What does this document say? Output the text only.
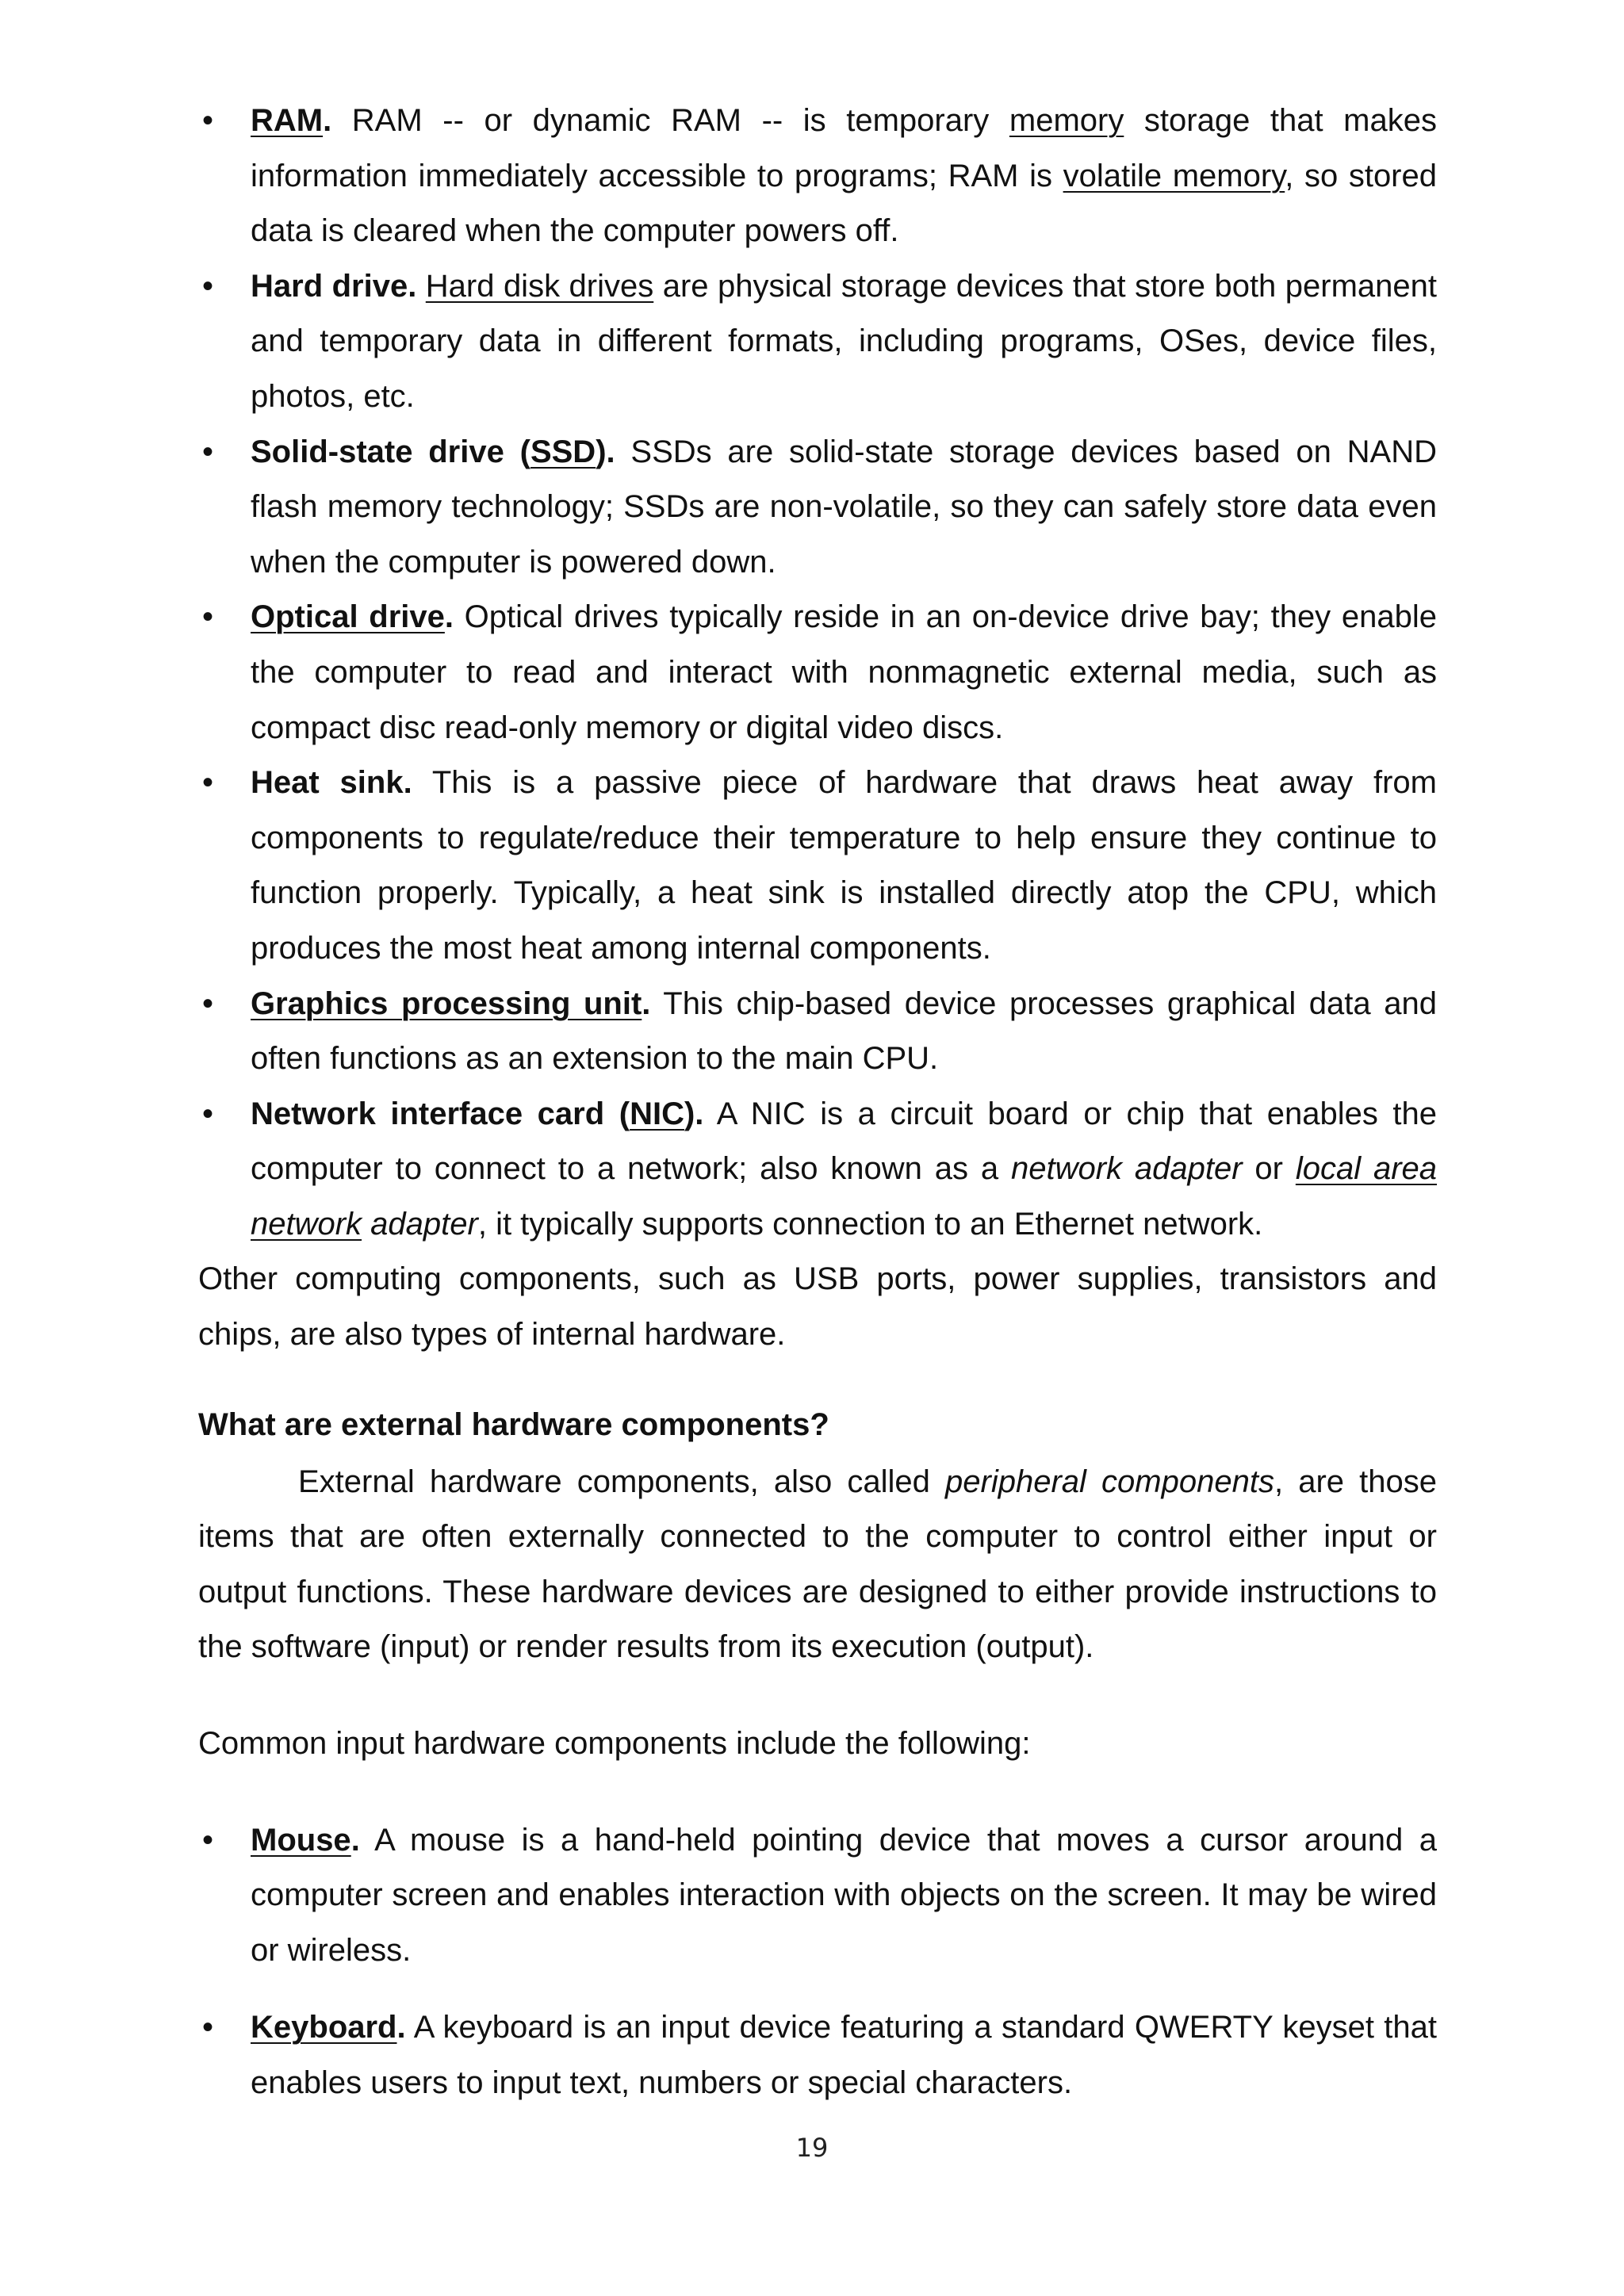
• RAM. RAM -- or dynamic RAM -- is temporary memory storage that makes information immediately accessible to programs; RAM is volatile memory, so stored data is cleared when the computer powers off.
• Hard drive. Hard disk drives are physical storage devices that store both permanent and temporary data in different formats, including programs, OSes, device files, photos, etc.
• Solid-state drive (SSD). SSDs are solid-state storage devices based on NAND flash memory technology; SSDs are non-volatile, so they can safely store data even when the computer is powered down.
• Optical drive. Optical drives typically reside in an on-device drive bay; they enable the computer to read and interact with nonmagnetic external media, such as compact disc read-only memory or digital video discs.
• Heat sink. This is a passive piece of hardware that draws heat away from components to regulate/reduce their temperature to help ensure they continue to function properly. Typically, a heat sink is installed directly atop the CPU, which produces the most heat among internal components.
• Graphics processing unit. This chip-based device processes graphical data and often functions as an extension to the main CPU.
• Network interface card (NIC). A NIC is a circuit board or chip that enables the computer to connect to a network; also known as a network adapter or local area network adapter, it typically supports connection to an Ethernet network.

Other computing components, such as USB ports, power supplies, transistors and chips, are also types of internal hardware.

What are external hardware components?

External hardware components, also called peripheral components, are those items that are often externally connected to the computer to control either input or output functions. These hardware devices are designed to either provide instructions to the software (input) or render results from its execution (output).

Common input hardware components include the following:

• Mouse. A mouse is a hand-held pointing device that moves a cursor around a computer screen and enables interaction with objects on the screen. It may be wired or wireless.
• Keyboard. A keyboard is an input device featuring a standard QWERTY keyset that enables users to input text, numbers or special characters.
19
